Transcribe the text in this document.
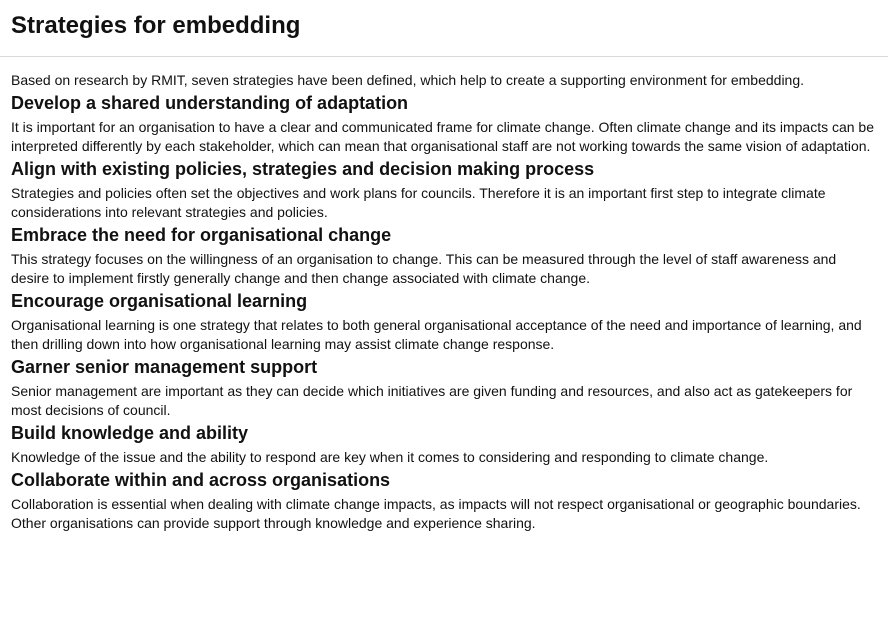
Strategies for embedding

Based on research by RMIT, seven strategies have been defined, which help to create a supporting environment for embedding.

Develop a shared understanding of adaptation

It is important for an organisation to have a clear and communicated frame for climate change. Often climate change and its impacts can be interpreted differently by each stakeholder, which can mean that organisational staff are not working towards the same vision of adaptation.

Align with existing policies, strategies and decision making process

Strategies and policies often set the objectives and work plans for councils. Therefore it is an important first step to integrate climate considerations into relevant strategies and policies.

Embrace the need for organisational change

This strategy focuses on the willingness of an organisation to change. This can be measured through the level of staff awareness and desire to implement firstly generally change and then change associated with climate change.

Encourage organisational learning

Organisational learning is one strategy that relates to both general organisational acceptance of the need and importance of learning, and then drilling down into how organisational learning may assist climate change response.

Garner senior management support

Senior management are important as they can decide which initiatives are given funding and resources, and also act as gatekeepers for most decisions of council.

Build knowledge and ability

Knowledge of the issue and the ability to respond are key when it comes to considering and responding to climate change.

Collaborate within and across organisations

Collaboration is essential when dealing with climate change impacts, as impacts will not respect organisational or geographic boundaries. Other organisations can provide support through knowledge and experience sharing.
